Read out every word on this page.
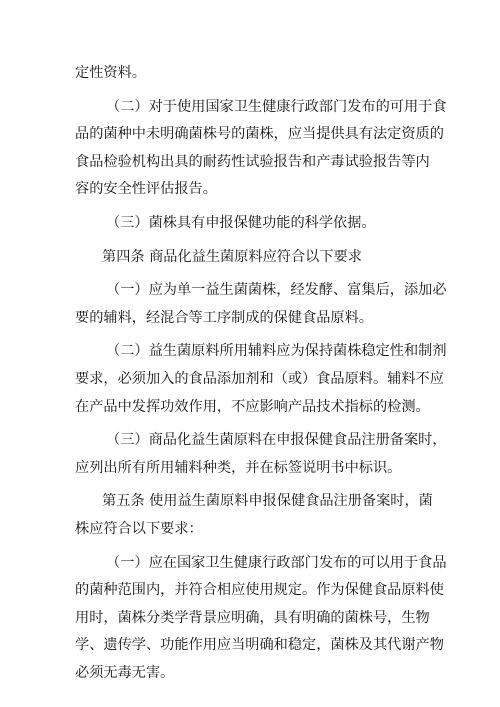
定性资料。
（二）对于使用国家卫生健康行政部门发布的可用于食
品的菌种中未明确菌株号的菌株，应当提供具有法定资质的
食品检验机构出具的耐药性试验报告和产毒试验报告等内
容的安全性评估报告。
（三）菌株具有申报保健功能的科学依据。
第四条 商品化益生菌原料应符合以下要求
（一）应为单一益生菌菌株，经发酵、富集后，添加必
要的辅料，经混合等工序制成的保健食品原料。
（二）益生菌原料所用辅料应为保持菌株稳定性和制剂
要求，必须加入的食品添加剂和（或）食品原料。辅料不应
在产品中发挥功效作用，不应影响产品技术指标的检测。
（三）商品化益生菌原料在申报保健食品注册备案时，
应列出所有所用辅料种类，并在标签说明书中标识。
第五条 使用益生菌原料申报保健食品注册备案时，菌
株应符合以下要求：
（一）应在国家卫生健康行政部门发布的可以用于食品
的菌种范围内，并符合相应使用规定。作为保健食品原料使
用时，菌株分类学背景应明确，具有明确的菌株号，生物
学、遗传学、功能作用应当明确和稳定，菌株及其代谢产物
必须无毒无害。
